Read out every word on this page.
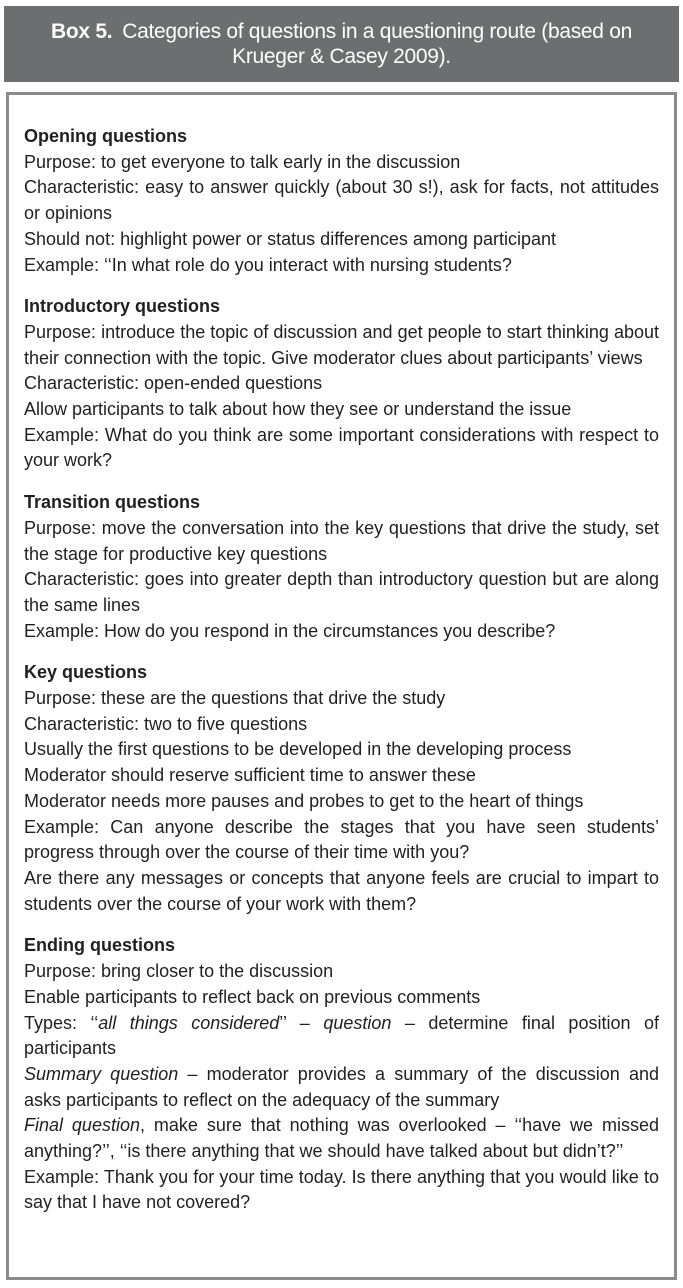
Box 5. Categories of questions in a questioning route (based on Krueger & Casey 2009).
Opening questions
Purpose: to get everyone to talk early in the discussion
Characteristic: easy to answer quickly (about 30 s!), ask for facts, not attitudes or opinions
Should not: highlight power or status differences among participant
Example: ‘‘In what role do you interact with nursing students?
Introductory questions
Purpose: introduce the topic of discussion and get people to start thinking about their connection with the topic. Give moderator clues about participants’ views
Characteristic: open-ended questions
Allow participants to talk about how they see or understand the issue
Example: What do you think are some important considerations with respect to your work?
Transition questions
Purpose: move the conversation into the key questions that drive the study, set the stage for productive key questions
Characteristic: goes into greater depth than introductory question but are along the same lines
Example: How do you respond in the circumstances you describe?
Key questions
Purpose: these are the questions that drive the study
Characteristic: two to five questions
Usually the first questions to be developed in the developing process
Moderator should reserve sufficient time to answer these
Moderator needs more pauses and probes to get to the heart of things
Example: Can anyone describe the stages that you have seen students’ progress through over the course of their time with you?
Are there any messages or concepts that anyone feels are crucial to impart to students over the course of your work with them?
Ending questions
Purpose: bring closer to the discussion
Enable participants to reflect back on previous comments
Types: ‘‘all things considered’’ – question – determine final position of participants
Summary question – moderator provides a summary of the discussion and asks participants to reflect on the adequacy of the summary
Final question, make sure that nothing was overlooked – ‘‘have we missed anything?’’, ‘‘is there anything that we should have talked about but didn’t?’’
Example: Thank you for your time today. Is there anything that you would like to say that I have not covered?
